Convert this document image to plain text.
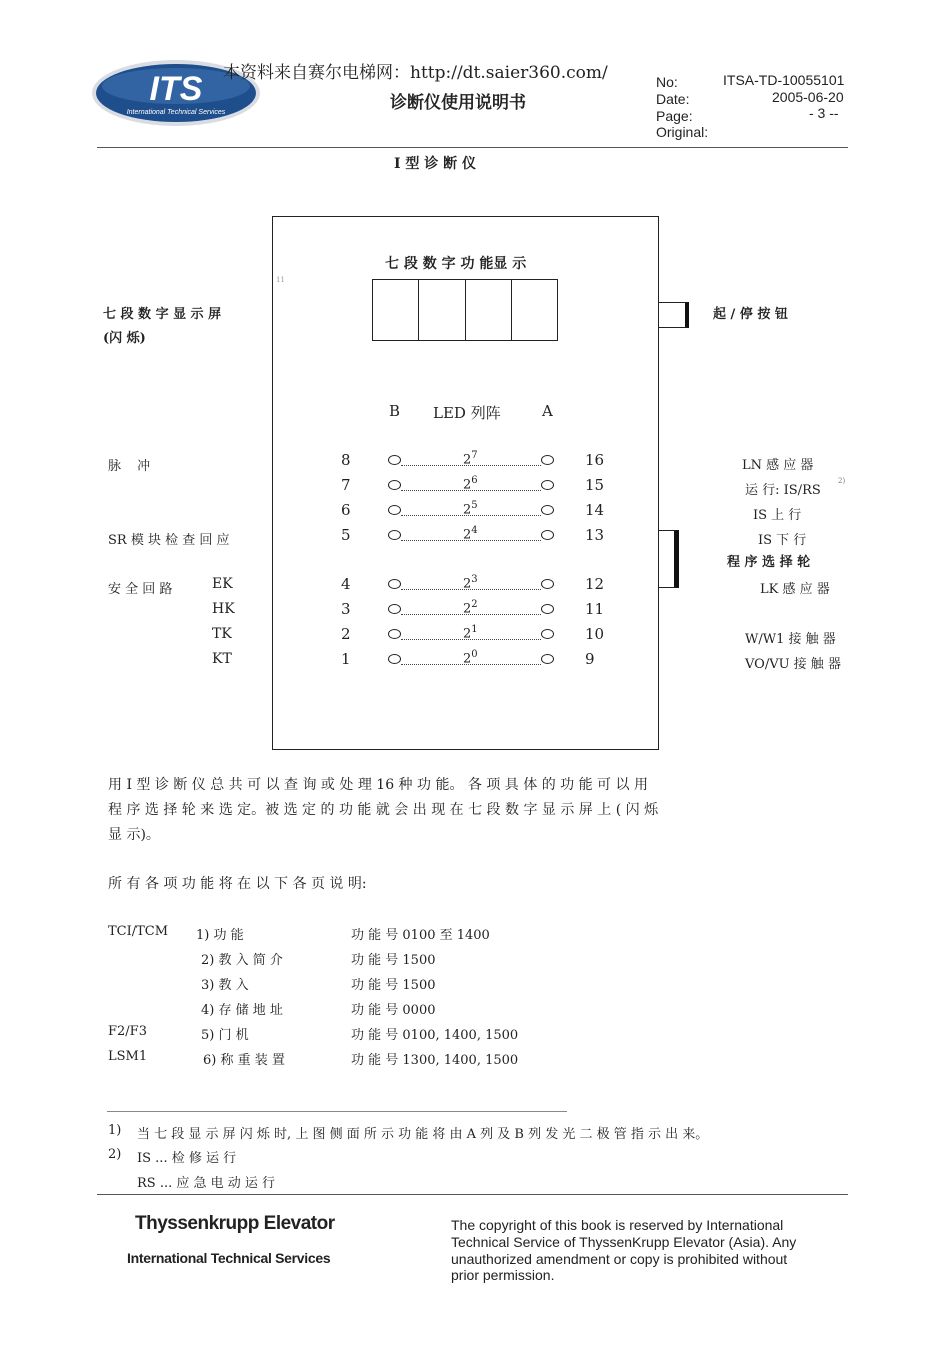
ITS
International Technical Services
本资料来自赛尔电梯网：http://dt.saier360.com/
诊断仪使用说明书
No:	ITSA-TD-10055101
Date:	2005-06-20
Page:	- 3 --
Original:
I 型 诊 断 仪
七 段 数 字 功 能显 示
11
B LED 列阵	A
8	$2^7$	16
7	$2^6$	15
6	$2^5$	14
5	$2^4$	13
4	$2^3$	12
3	$2^2$	11
2	$2^1$	10
1	$2^0$	9
七 段 数 字 显 示 屏
(闪 烁)
脉 冲
SR 模 块 检 查 回 应
安 全 回 路	EK
HK
TK
KT
起 / 停 按 钮
LN 感 应 器
运 行: IS/RS
2)
IS 上 行
IS 下 行
程 序 选 择 轮
LK 感 应 器
W/W1 接 触 器
VO/VU 接 触 器
用 I 型 诊 断 仪 总 共 可 以 查 询 或 处 理 16 种 功 能。 各 项 具 体 的 功 能 可 以 用
程 序 选 择 轮 来 选 定。被 选 定 的 功 能 就 会 出 现 在 七 段 数 字 显 示 屏 上 ( 闪 烁
显 示)。
所 有 各 项 功 能 将 在 以 下 各 页 说 明:
TCI/TCM 1) 功 能	功 能 号 0100 至 1400
2) 教 入 简 介	功 能 号 1500
3) 教 入	功 能 号 1500
4) 存 储 地 址	功 能 号 0000
F2/F3	5) 门 机	功 能 号 0100, 1400, 1500
LSM1	6) 称 重 装 置	功 能 号 1300, 1400, 1500
1) 当 七 段 显 示 屏 闪 烁 时, 上 图 侧 面 所 示 功 能 将 由 A 列 及 B 列 发 光 二 极 管 指 示 出 来。
2) IS ... 检 修 运 行
RS ... 应 急 电 动 运 行
Thyssenkrupp Elevator
International Technical Services
The copyright of this book is reserved by International
Technical Service of ThyssenKrupp Elevator (Asia). Any
unauthorized amendment or copy is prohibited without
prior permission.
